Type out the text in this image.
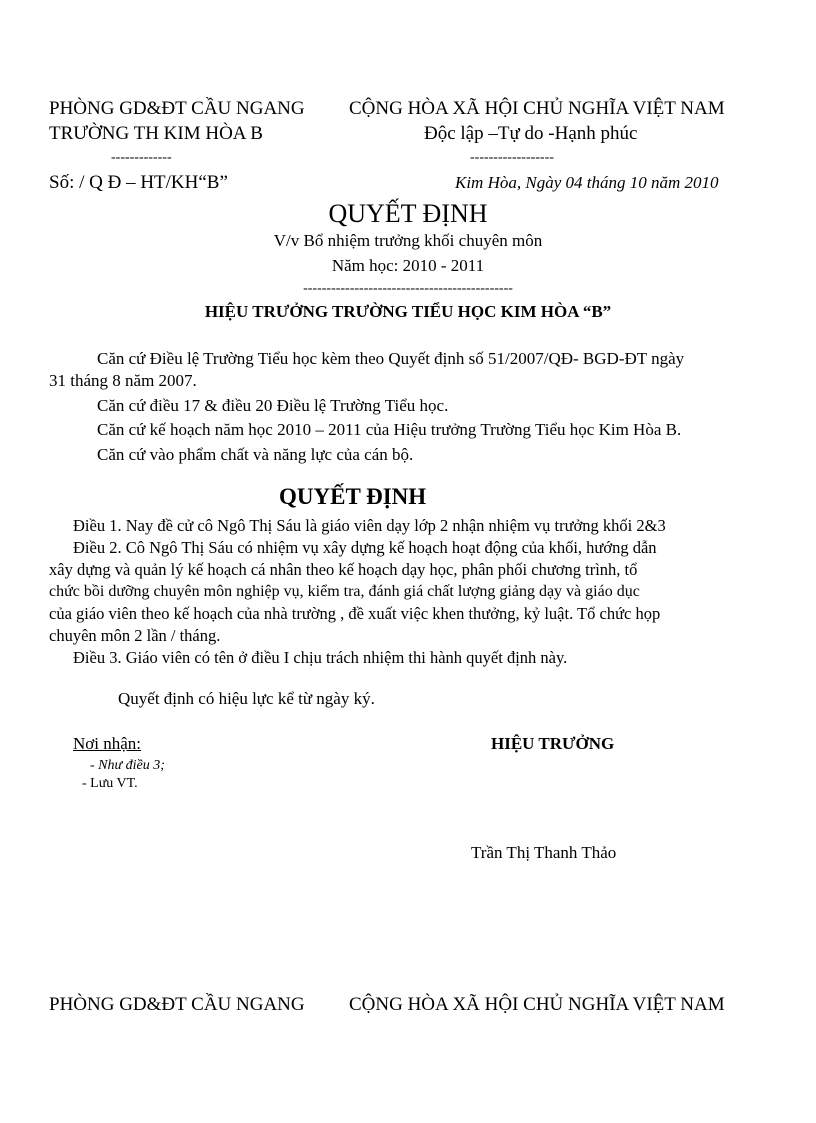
PHÒNG GD&ĐT CẦU NGANG
TRƯỜNG TH KIM HÒA B
-------------
CỘNG HÒA XÃ HỘI CHỦ NGHĨA VIỆT NAM
Độc lập –Tự do -Hạnh phúc
------------------
Số: / Q Đ – HT/KH“B”	Kim Hòa, Ngày 04 tháng 10 năm 2010
QUYẾT ĐỊNH
V/v Bổ nhiệm trưởng khối chuyên môn
Năm học: 2010 - 2011
---------------------------------------------
HIỆU TRƯỞNG TRƯỜNG TIỂU HỌC KIM HÒA “B”
Căn cứ Điều lệ Trường Tiểu học kèm theo Quyết định số 51/2007/QĐ- BGD-ĐT ngày
31 tháng 8 năm 2007.
Căn cứ điều 17 & điều 20 Điều lệ Trường Tiểu học.
Căn cứ kế hoạch năm học 2010 – 2011 của Hiệu trưởng Trường Tiểu học Kim Hòa B.
Căn cứ vào phẩm chất và năng lực của cán bộ.
QUYẾT ĐỊNH
Điều 1. Nay đề cử cô Ngô Thị Sáu là giáo viên dạy lớp 2 nhận nhiệm vụ trưởng khối 2&3
Điều 2. Cô Ngô Thị Sáu có nhiệm vụ xây dựng kế hoạch hoạt động của khối, hướng dẫn
xây dựng và quản lý kế hoạch cá nhân theo kế hoạch dạy học, phân phối chương trình, tổ
chức bồi dưỡng chuyên môn nghiệp vụ, kiểm tra, đánh giá chất lượng giảng dạy và giáo dục
của giáo viên theo kế hoạch của nhà trường , đề xuất việc khen thưởng, kỷ luật. Tổ chức họp
chuyên môn 2 lần / tháng.
Điều 3. Giáo viên có tên ở điều I chịu trách nhiệm thi hành quyết định này.
Quyết định có hiệu lực kể từ ngày ký.
Nơi nhận:
- Như điều 3;
- Lưu VT.
HIỆU TRƯỞNG
Trần Thị Thanh Thảo
PHÒNG GD&ĐT CẦU NGANG CỘNG HÒA XÃ HỘI CHỦ NGHĨA VIỆT NAM
